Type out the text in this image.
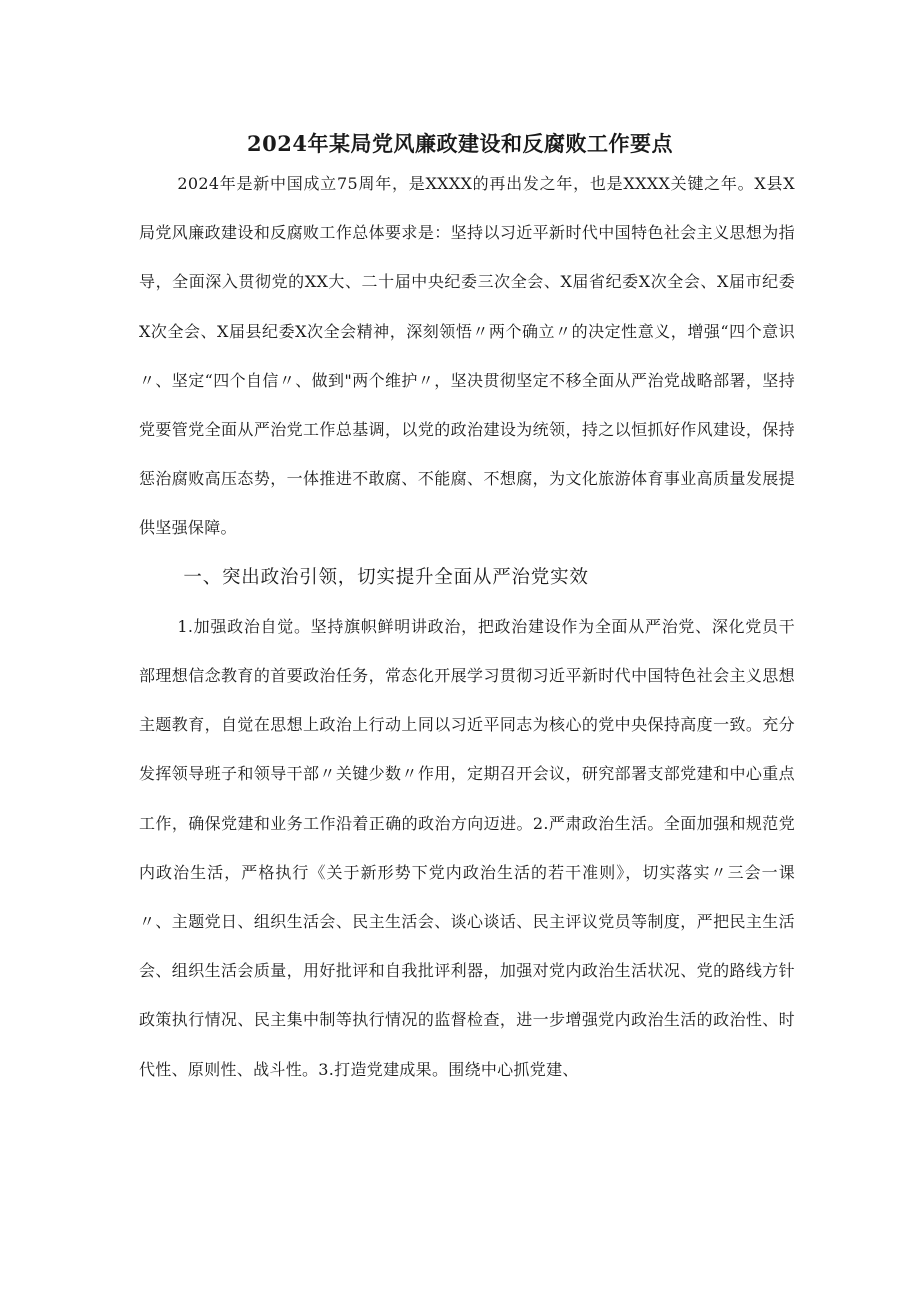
2024年某局党风廉政建设和反腐败工作要点

2024年是新中国成立75周年，是XXXX的再出发之年，也是XXXX关键之年。X县X局党风廉政建设和反腐败工作总体要求是：坚持以习近平新时代中国特色社会主义思想为指导，全面深入贯彻党的XX大、二十届中央纪委三次全会、X届省纪委X次全会、X届市纪委X次全会、X届县纪委X次全会精神，深刻领悟〃两个确立〃的决定性意义，增强“四个意识〃、坚定“四个自信〃、做到"两个维护〃，坚决贯彻坚定不移全面从严治党战略部署，坚持党要管党全面从严治党工作总基调，以党的政治建设为统领，持之以恒抓好作风建设，保持惩治腐败高压态势，一体推进不敢腐、不能腐、不想腐，为文化旅游体育事业高质量发展提供坚强保障。

一、突出政治引领，切实提升全面从严治党实效

1.加强政治自觉。坚持旗帜鲜明讲政治，把政治建设作为全面从严治党、深化党员干部理想信念教育的首要政治任务，常态化开展学习贯彻习近平新时代中国特色社会主义思想主题教育，自觉在思想上政治上行动上同以习近平同志为核心的党中央保持高度一致。充分发挥领导班子和领导干部〃关键少数〃作用，定期召开会议，研究部署支部党建和中心重点工作，确保党建和业务工作沿着正确的政治方向迈进。2.严肃政治生活。全面加强和规范党内政治生活，严格执行《关于新形势下党内政治生活的若干准则》，切实落实〃三会一课〃、主题党日、组织生活会、民主生活会、谈心谈话、民主评议党员等制度，严把民主生活会、组织生活会质量，用好批评和自我批评利器，加强对党内政治生活状况、党的路线方针政策执行情况、民主集中制等执行情况的监督检查，进一步增强党内政治生活的政治性、时代性、原则性、战斗性。3.打造党建成果。围绕中心抓党建、
